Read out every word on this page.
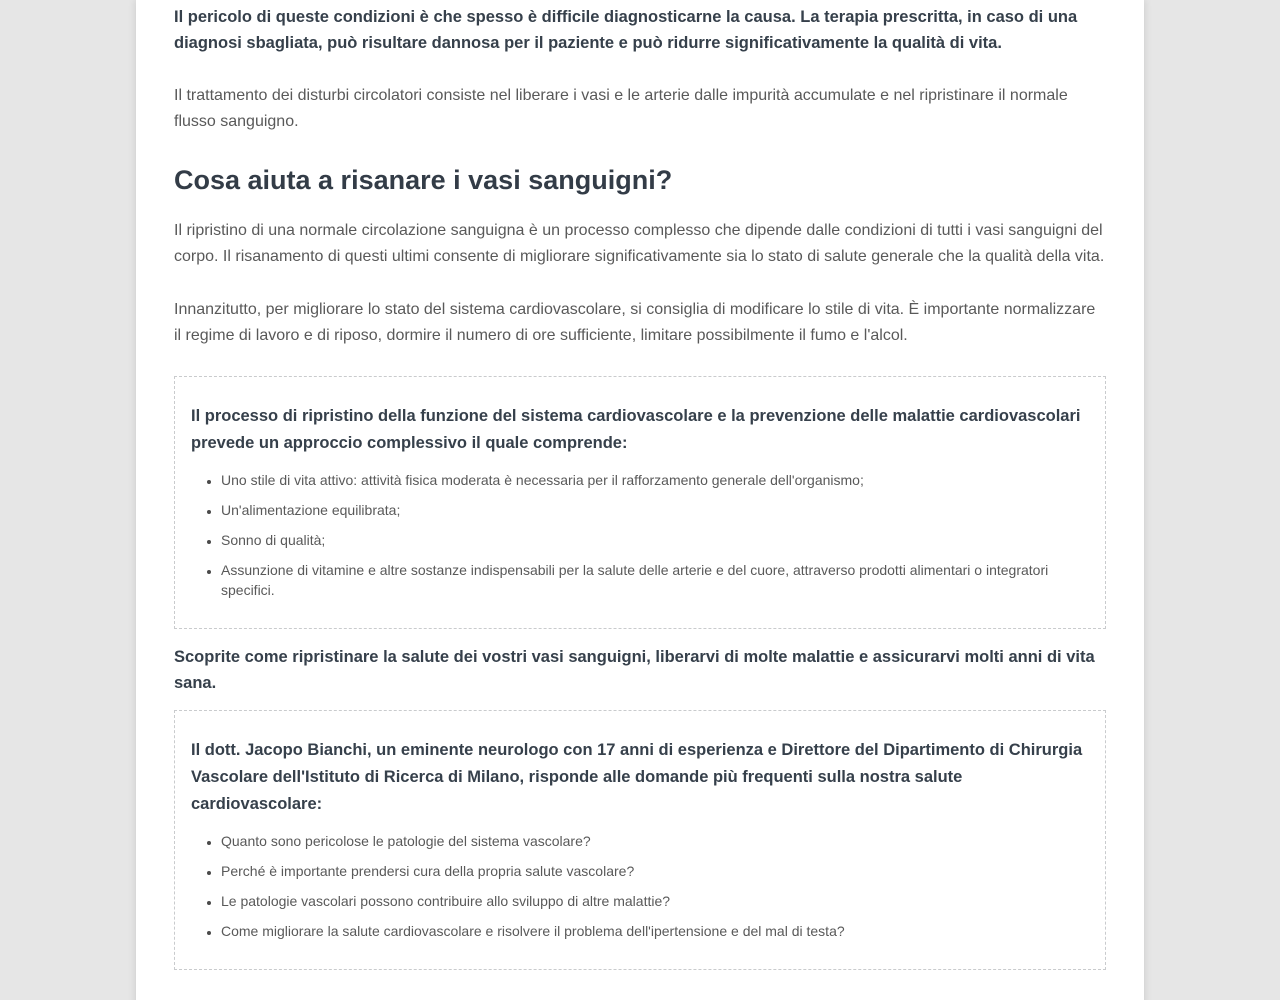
Il pericolo di queste condizioni è che spesso è difficile diagnosticarne la causa. La terapia prescritta, in caso di una diagnosi sbagliata, può risultare dannosa per il paziente e può ridurre significativamente la qualità di vita.

Il trattamento dei disturbi circolatori consiste nel liberare i vasi e le arterie dalle impurità accumulate e nel ripristinare il normale flusso sanguigno.

Cosa aiuta a risanare i vasi sanguigni?

Il ripristino di una normale circolazione sanguigna è un processo complesso che dipende dalle condizioni di tutti i vasi sanguigni del corpo. Il risanamento di questi ultimi consente di migliorare significativamente sia lo stato di salute generale che la qualità della vita.

Innanzitutto, per migliorare lo stato del sistema cardiovascolare, si consiglia di modificare lo stile di vita. È importante normalizzare il regime di lavoro e di riposo, dormire il numero di ore sufficiente, limitare possibilmente il fumo e l'alcol.

Il processo di ripristino della funzione del sistema cardiovascolare e la prevenzione delle malattie cardiovascolari prevede un approccio complessivo il quale comprende:

• Uno stile di vita attivo: attività fisica moderata è necessaria per il rafforzamento generale dell'organismo;
• Un'alimentazione equilibrata;
• Sonno di qualità;
• Assunzione di vitamine e altre sostanze indispensabili per la salute delle arterie e del cuore, attraverso prodotti alimentari o integratori specifici.

Scoprite come ripristinare la salute dei vostri vasi sanguigni, liberarvi di molte malattie e assicurarvi molti anni di vita sana.

Il dott. Jacopo Bianchi, un eminente neurologo con 17 anni di esperienza e Direttore del Dipartimento di Chirurgia Vascolare dell'Istituto di Ricerca di Milano, risponde alle domande più frequenti sulla nostra salute cardiovascolare:

• Quanto sono pericolose le patologie del sistema vascolare?
• Perché è importante prendersi cura della propria salute vascolare?
• Le patologie vascolari possono contribuire allo sviluppo di altre malattie?
• Come migliorare la salute cardiovascolare e risolvere il problema dell'ipertensione e del mal di testa?
